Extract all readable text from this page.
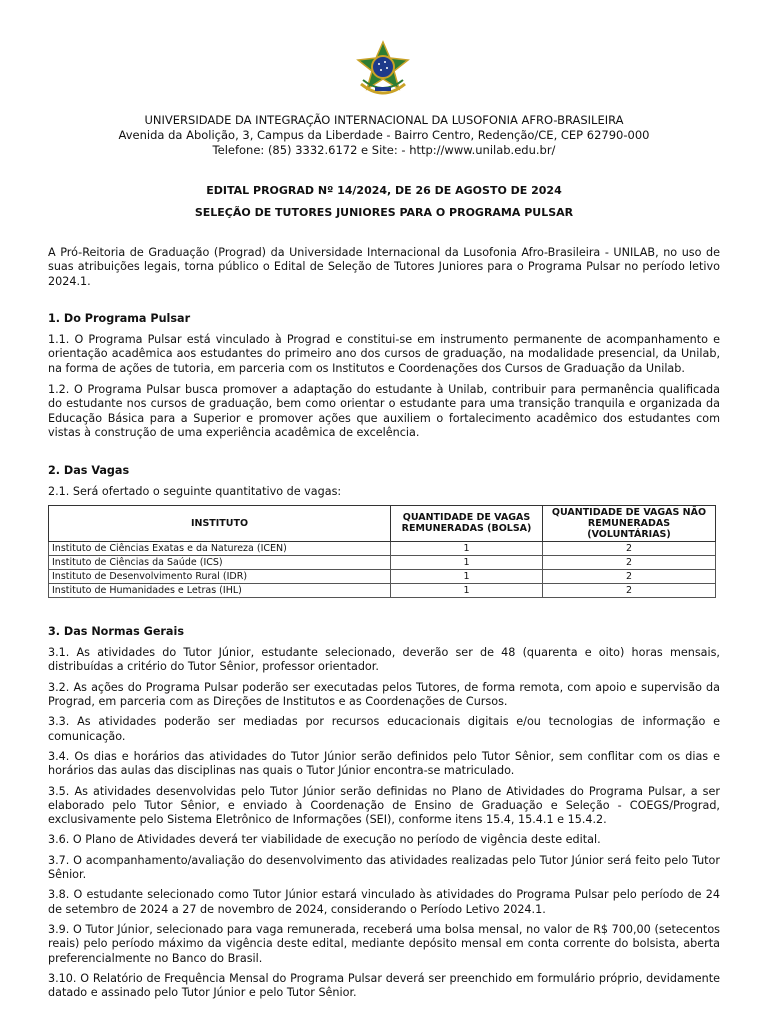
UNIVERSIDADE DA INTEGRAÇÃO INTERNACIONAL DA LUSOFONIA AFRO-BRASILEIRA
Avenida da Abolição, 3, Campus da Liberdade - Bairro Centro, Redenção/CE, CEP 62790-000
Telefone: (85) 3332.6172 e Site: - http://www.unilab.edu.br/
EDITAL PROGRAD Nº 14/2024, DE 26 DE AGOSTO DE 2024
SELEÇÃO DE TUTORES JUNIORES PARA O PROGRAMA PULSAR

A Pró-Reitoria de Graduação (Prograd) da Universidade Internacional da Lusofonia Afro-Brasileira - UNILAB, no uso de suas atribuições legais, torna público o Edital de Seleção de Tutores Juniores para o Programa Pulsar no período letivo 2024.1.

1. Do Programa Pulsar

1.1. O Programa Pulsar está vinculado à Prograd e constitui-se em instrumento permanente de acompanhamento e orientação acadêmica aos estudantes do primeiro ano dos cursos de graduação, na modalidade presencial, da Unilab, na forma de ações de tutoria, em parceria com os Institutos e Coordenações dos Cursos de Graduação da Unilab.

1.2. O Programa Pulsar busca promover a adaptação do estudante à Unilab, contribuir para permanência qualificada do estudante nos cursos de graduação, bem como orientar o estudante para uma transição tranquila e organizada da Educação Básica para a Superior e promover ações que auxiliem o fortalecimento acadêmico dos estudantes com vistas à construção de uma experiência acadêmica de excelência.

2. Das Vagas

2.1. Será ofertado o seguinte quantitativo de vagas:

INSTITUTO	QUANTIDADE DE VAGAS REMUNERADAS (BOLSA)	QUANTIDADE DE VAGAS NÃO REMUNERADAS (VOLUNTÁRIAS)
Instituto de Ciências Exatas e da Natureza (ICEN)	1	2
Instituto de Ciências da Saúde (ICS)	1	2
Instituto de Desenvolvimento Rural (IDR)	1	2
Instituto de Humanidades e Letras (IHL)	1	2

3. Das Normas Gerais

3.1. As atividades do Tutor Júnior, estudante selecionado, deverão ser de 48 (quarenta e oito) horas mensais, distribuídas a critério do Tutor Sênior, professor orientador.

3.2. As ações do Programa Pulsar poderão ser executadas pelos Tutores, de forma remota, com apoio e supervisão da Prograd, em parceria com as Direções de Institutos e as Coordenações de Cursos.

3.3. As atividades poderão ser mediadas por recursos educacionais digitais e/ou tecnologias de informação e comunicação.

3.4. Os dias e horários das atividades do Tutor Júnior serão definidos pelo Tutor Sênior, sem conflitar com os dias e horários das aulas das disciplinas nas quais o Tutor Júnior encontra-se matriculado.

3.5. As atividades desenvolvidas pelo Tutor Júnior serão definidas no Plano de Atividades do Programa Pulsar, a ser elaborado pelo Tutor Sênior, e enviado à Coordenação de Ensino de Graduação e Seleção - COEGS/Prograd, exclusivamente pelo Sistema Eletrônico de Informações (SEI), conforme itens 15.4, 15.4.1 e 15.4.2.

3.6. O Plano de Atividades deverá ter viabilidade de execução no período de vigência deste edital.

3.7. O acompanhamento/avaliação do desenvolvimento das atividades realizadas pelo Tutor Júnior será feito pelo Tutor Sênior.

3.8. O estudante selecionado como Tutor Júnior estará vinculado às atividades do Programa Pulsar pelo período de 24 de setembro de 2024 a 27 de novembro de 2024, considerando o Período Letivo 2024.1.

3.9. O Tutor Júnior, selecionado para vaga remunerada, receberá uma bolsa mensal, no valor de R$ 700,00 (setecentos reais) pelo período máximo da vigência deste edital, mediante depósito mensal em conta corrente do bolsista, aberta preferencialmente no Banco do Brasil.

3.10. O Relatório de Frequência Mensal do Programa Pulsar deverá ser preenchido em formulário próprio, devidamente datado e assinado pelo Tutor Júnior e pelo Tutor Sênior.
